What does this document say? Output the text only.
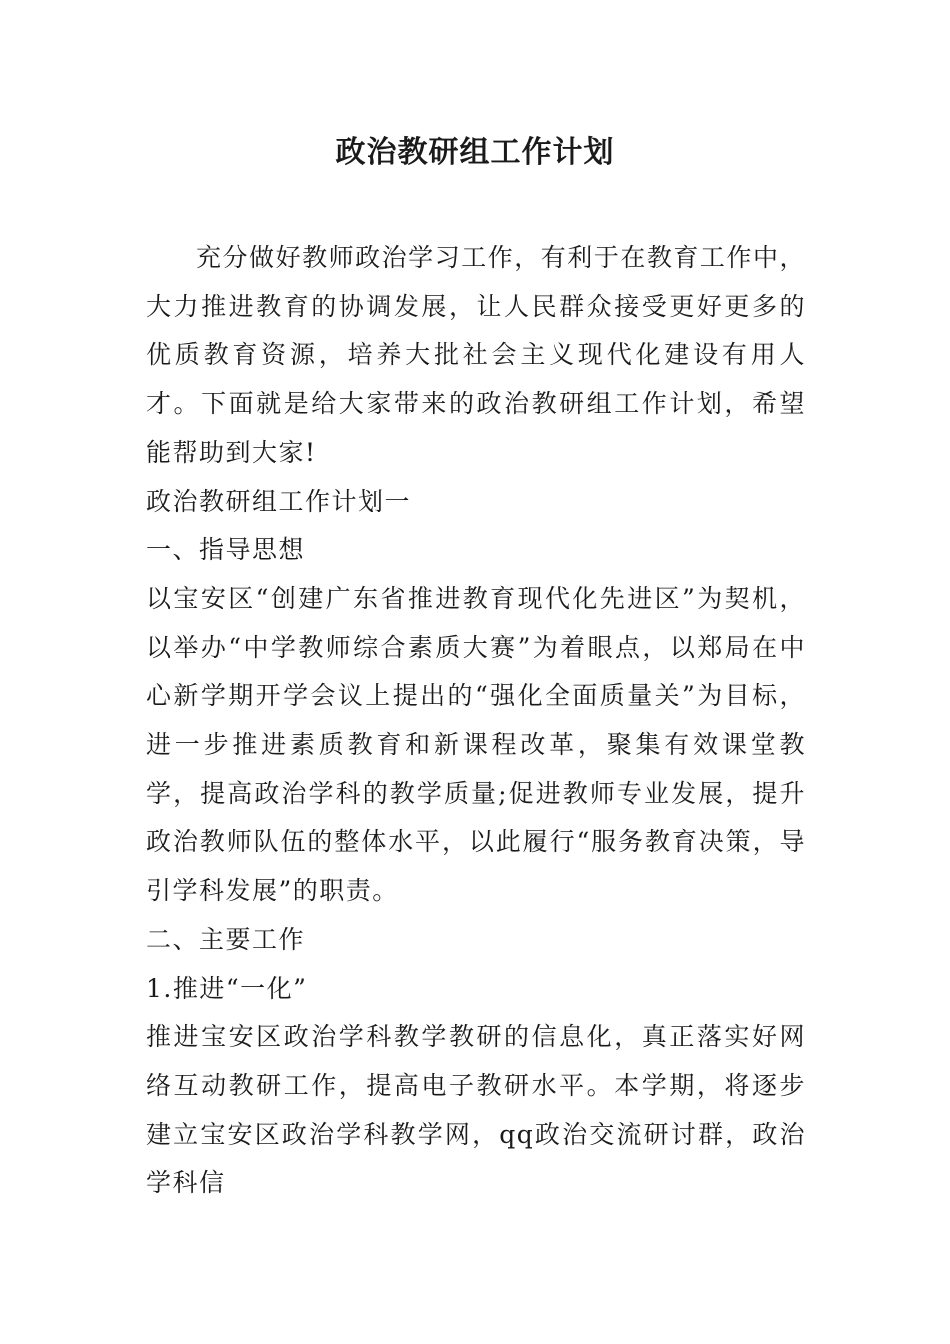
政治教研组工作计划

充分做好教师政治学习工作，有利于在教育工作中，大力推进教育的协调发展，让人民群众接受更好更多的优质教育资源，培养大批社会主义现代化建设有用人才。下面就是给大家带来的政治教研组工作计划，希望能帮助到大家!

政治教研组工作计划一

一、指导思想

以宝安区“创建广东省推进教育现代化先进区”为契机，以举办“中学教师综合素质大赛”为着眼点，以郑局在中心新学期开学会议上提出的“强化全面质量关”为目标，进一步推进素质教育和新课程改革，聚集有效课堂教学，提高政治学科的教学质量;促进教师专业发展，提升政治教师队伍的整体水平，以此履行“服务教育决策，导引学科发展”的职责。

二、主要工作

1.推进“一化”

推进宝安区政治学科教学教研的信息化，真正落实好网络互动教研工作，提高电子教研水平。本学期，将逐步建立宝安区政治学科教学网，qq政治交流研讨群，政治学科信
